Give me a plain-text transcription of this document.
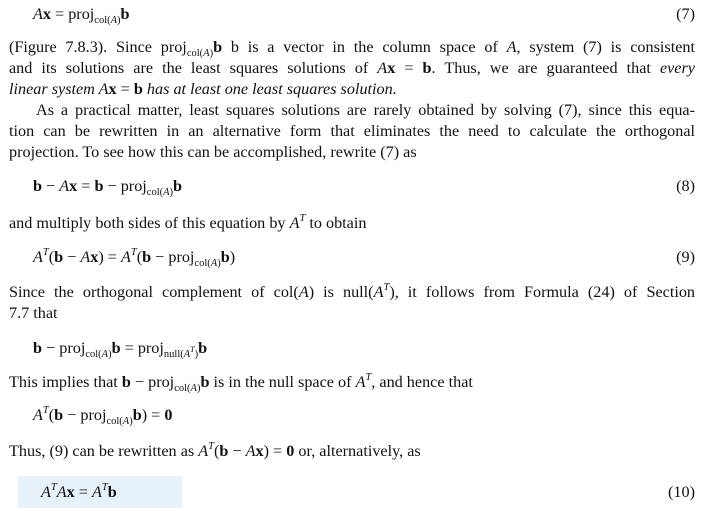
Ax = proj$_{col(A)}$b	(7)
(Figure 7.8.3). Since proj$_{col(A)}$b b is a vector in the column space of A, system (7) is consistent
and its solutions are the least squares solutions of Ax = b. Thus, we are guaranteed that every
linear system Ax = b has at least one least squares solution.
As a practical matter, least squares solutions are rarely obtained by solving (7), since this equa-
tion can be rewritten in an alternative form that eliminates the need to calculate the orthogonal
projection. To see how this can be accomplished, rewrite (7) as
b − Ax = b − proj$_{col(A)}$b	(8)
and multiply both sides of this equation by $A^T$ to obtain
$A^T(b - Ax) = A^T(b$ − proj$_{col(A)}$b)	(9)
Since the orthogonal complement of col(A) is $null(A^T)$, it follows from Formula (24) of Section
7.7 that
b − proj$_{col(A)}$b = proj$_{null(A^T)}$b
This implies that b − proj$_{col(A)}$b is in the null space of $A^T$, and hence that
$A^T(b$ − proj$_{col(A)}$b) = 0
Thus, (9) can be rewritten as $A^T(b - Ax) = 0$ or, alternatively, as
$A^TAx = A^Tb$	(10)
